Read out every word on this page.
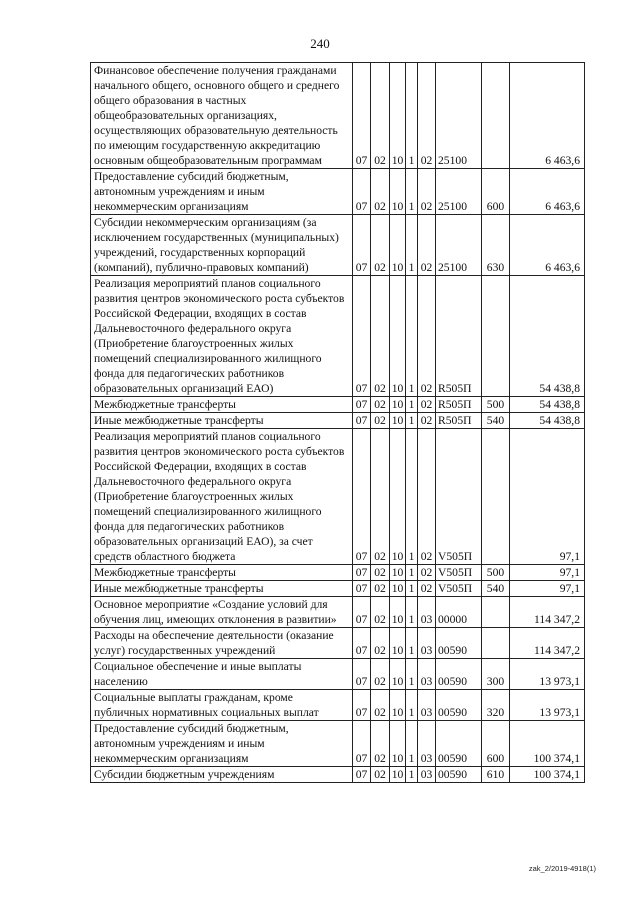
240
Финансовое обеспечение получения гражданами начального общего, основного общего и среднего общего образования в частных общеобразовательных организациях, осуществляющих образовательную деятельность по имеющим государственную аккредитацию основным общеобразовательным программам	07	02	10	1	02	25100		6 463,6
Предоставление субсидий бюджетным, автономным учреждениям и иным некоммерческим организациям	07	02	10	1	02	25100	600	6 463,6
Субсидии некоммерческим организациям (за исключением государственных (муниципальных) учреждений, государственных корпораций (компаний), публично-правовых компаний)	07	02	10	1	02	25100	630	6 463,6
Реализация мероприятий планов социального развития центров экономического роста субъектов Российской Федерации, входящих в состав Дальневосточного федерального округа (Приобретение благоустроенных жилых помещений специализированного жилищного фонда для педагогических работников образовательных организаций ЕАО)	07	02	10	1	02	R505П		54 438,8
Межбюджетные трансферты	07	02	10	1	02	R505П	500	54 438,8
Иные межбюджетные трансферты	07	02	10	1	02	R505П	540	54 438,8
Реализация мероприятий планов социального развития центров экономического роста субъектов Российской Федерации, входящих в состав Дальневосточного федерального округа (Приобретение благоустроенных жилых помещений специализированного жилищного фонда для педагогических работников образовательных организаций ЕАО), за счет средств областного бюджета	07	02	10	1	02	V505П		97,1
Межбюджетные трансферты	07	02	10	1	02	V505П	500	97,1
Иные межбюджетные трансферты	07	02	10	1	02	V505П	540	97,1
Основное мероприятие «Создание условий для обучения лиц, имеющих отклонения в развитии»	07	02	10	1	03	00000		114 347,2
Расходы на обеспечение деятельности (оказание услуг) государственных учреждений	07	02	10	1	03	00590		114 347,2
Социальное обеспечение и иные выплаты населению	07	02	10	1	03	00590	300	13 973,1
Социальные выплаты гражданам, кроме публичных нормативных социальных выплат	07	02	10	1	03	00590	320	13 973,1
Предоставление субсидий бюджетным, автономным учреждениям и иным некоммерческим организациям	07	02	10	1	03	00590	600	100 374,1
Субсидии бюджетным учреждениям	07	02	10	1	03	00590	610	100 374,1
zak_2/2019-4918(1)
